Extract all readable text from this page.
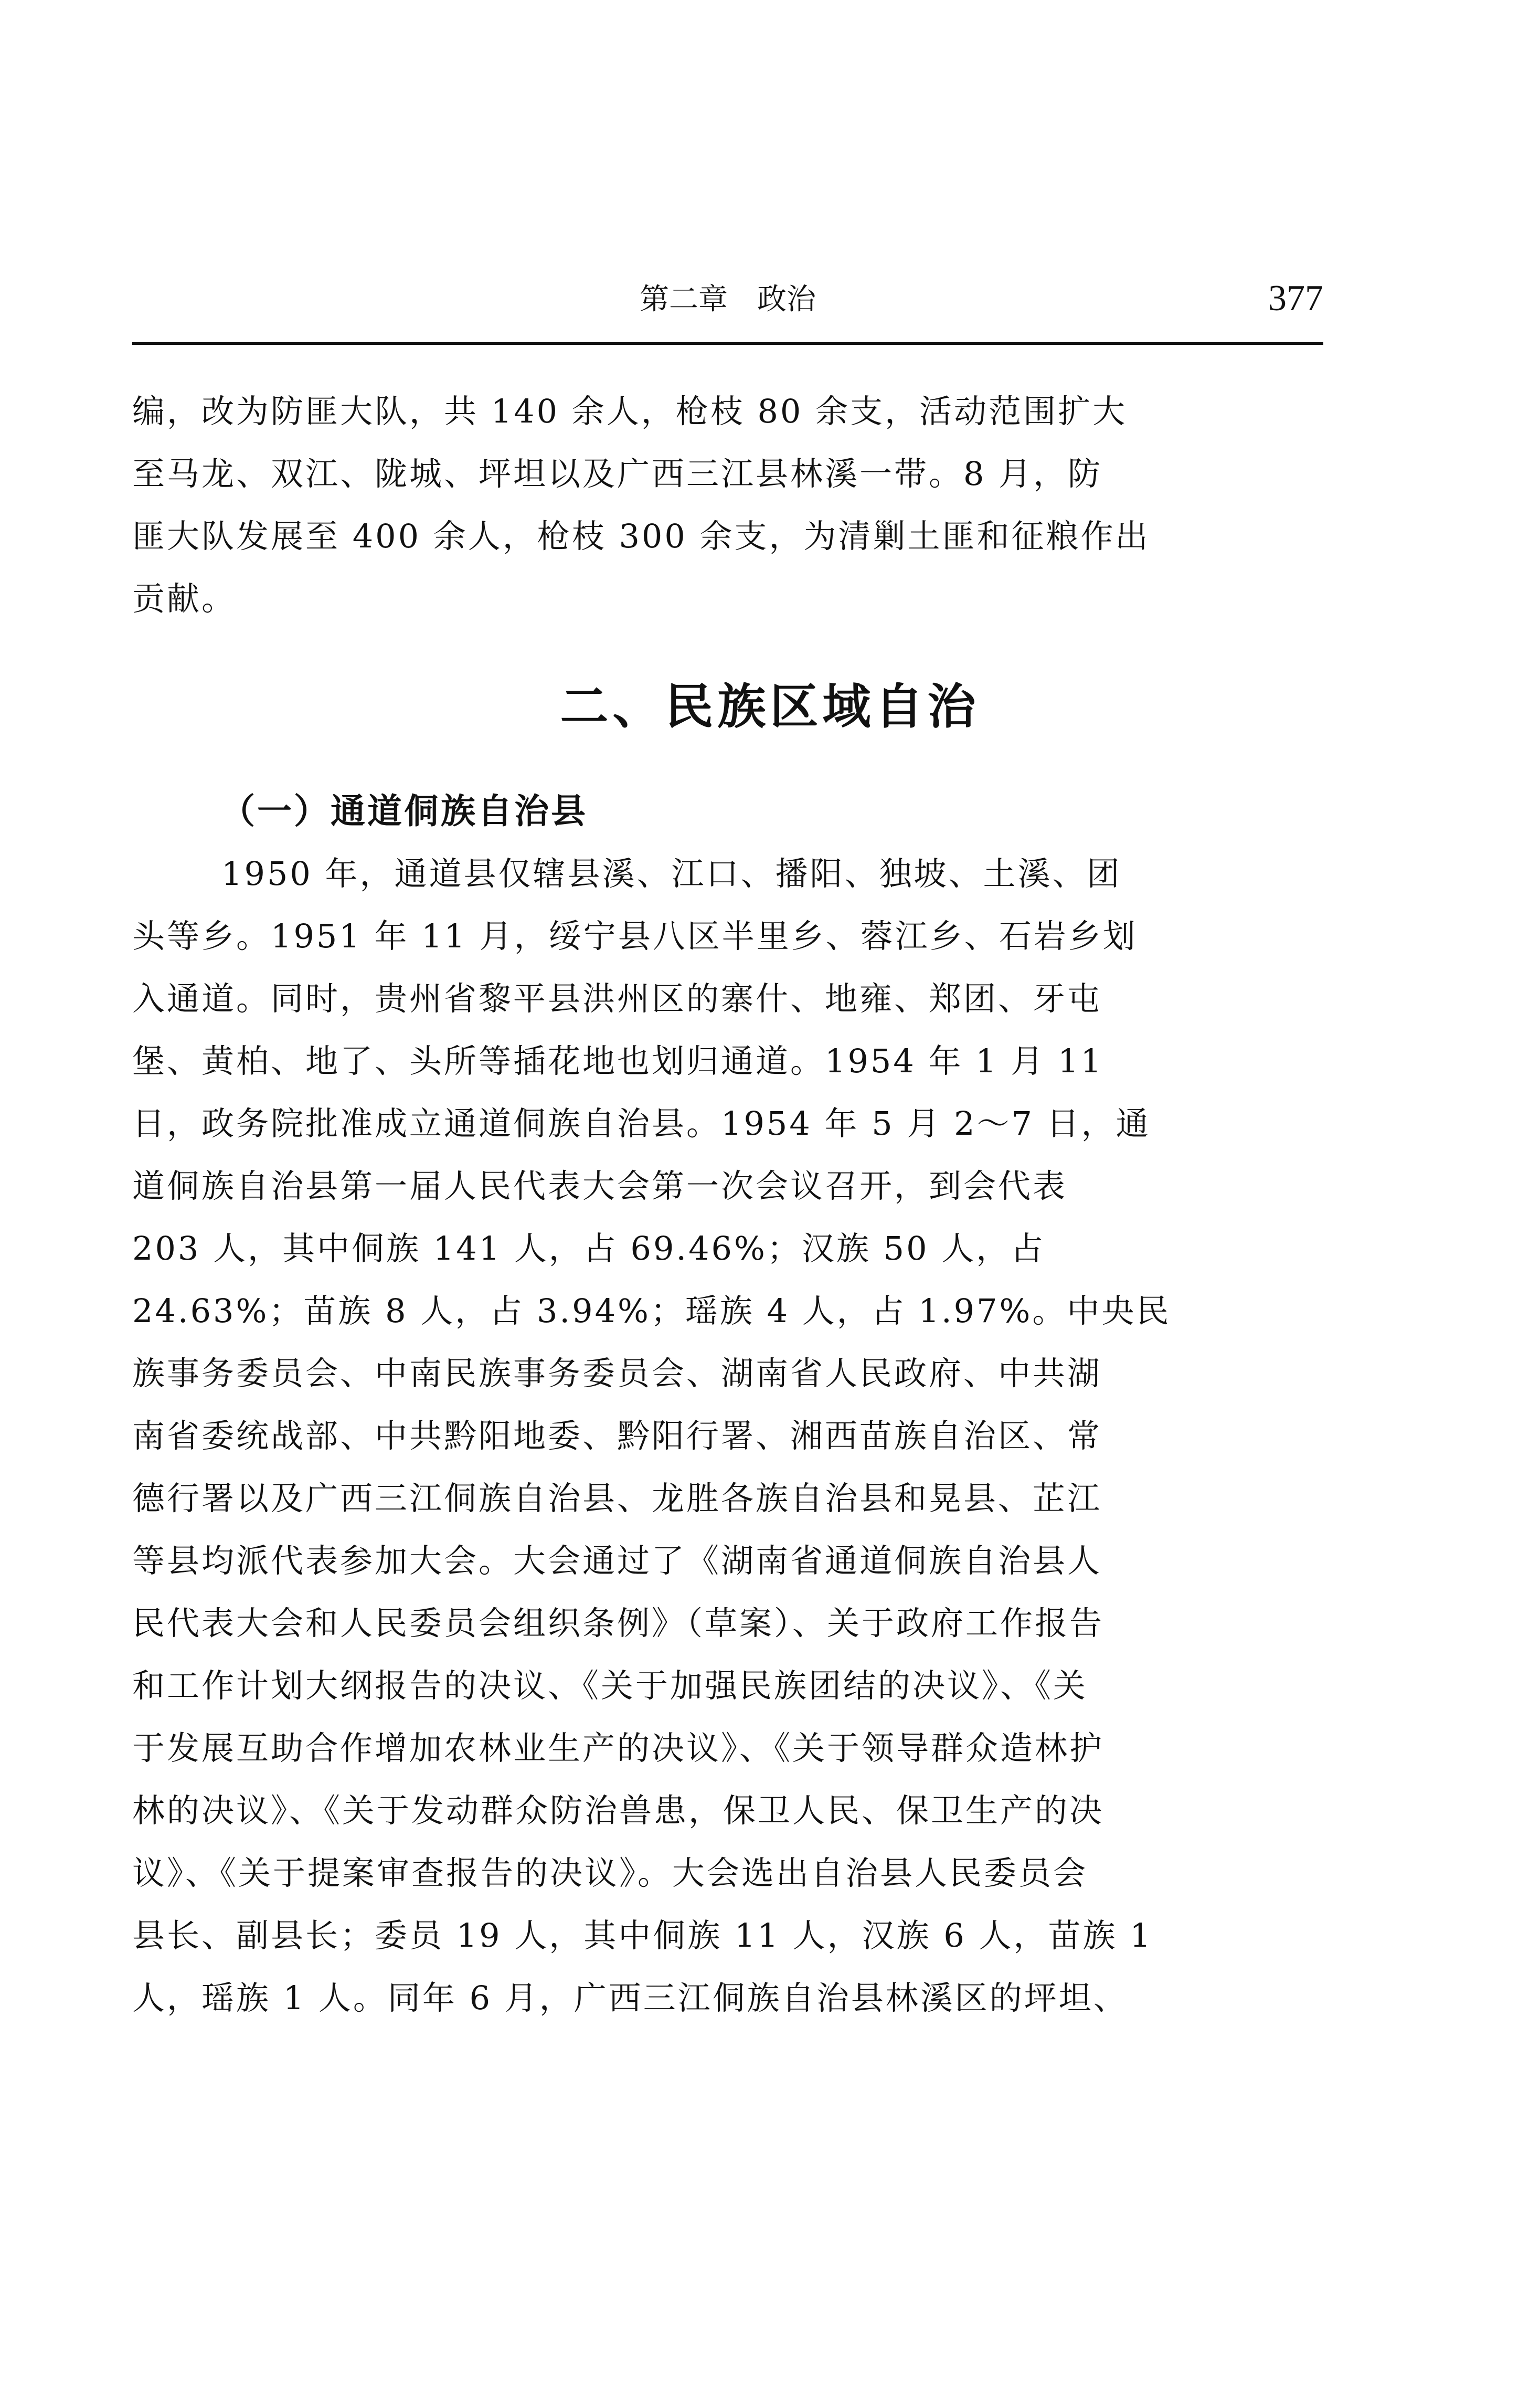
第二章　政治	377
编，改为防匪大队，共 140 余人，枪枝 80 余支，活动范围扩大
至马龙、双江、陇城、坪坦以及广西三江县林溪一带。8 月，防
匪大队发展至 400 余人，枪枝 300 余支，为清剿土匪和征粮作出
贡献。
二、民族区域自治
（一）通道侗族自治县
1950 年，通道县仅辖县溪、江口、播阳、独坡、土溪、团
头等乡。1951 年 11 月，绥宁县八区半里乡、蓉江乡、石岩乡划
入通道。同时，贵州省黎平县洪州区的寨什、地雍、郑团、牙屯
堡、黄柏、地了、头所等插花地也划归通道。1954 年 1 月 11
日，政务院批准成立通道侗族自治县。1954 年 5 月 2～7 日，通
道侗族自治县第一届人民代表大会第一次会议召开，到会代表
203 人，其中侗族 141 人，占 69.46%；汉族 50 人，占
24.63%；苗族 8 人，占 3.94%；瑶族 4 人，占 1.97%。中央民
族事务委员会、中南民族事务委员会、湖南省人民政府、中共湖
南省委统战部、中共黔阳地委、黔阳行署、湘西苗族自治区、常
德行署以及广西三江侗族自治县、龙胜各族自治县和晃县、芷江
等县均派代表参加大会。大会通过了《湖南省通道侗族自治县人
民代表大会和人民委员会组织条例》（草案）、关于政府工作报告
和工作计划大纲报告的决议、《关于加强民族团结的决议》、《关
于发展互助合作增加农林业生产的决议》、《关于领导群众造林护
林的决议》、《关于发动群众防治兽患，保卫人民、保卫生产的决
议》、《关于提案审查报告的决议》。大会选出自治县人民委员会
县长、副县长；委员 19 人，其中侗族 11 人，汉族 6 人，苗族 1
人，瑶族 1 人。同年 6 月，广西三江侗族自治县林溪区的坪坦、
